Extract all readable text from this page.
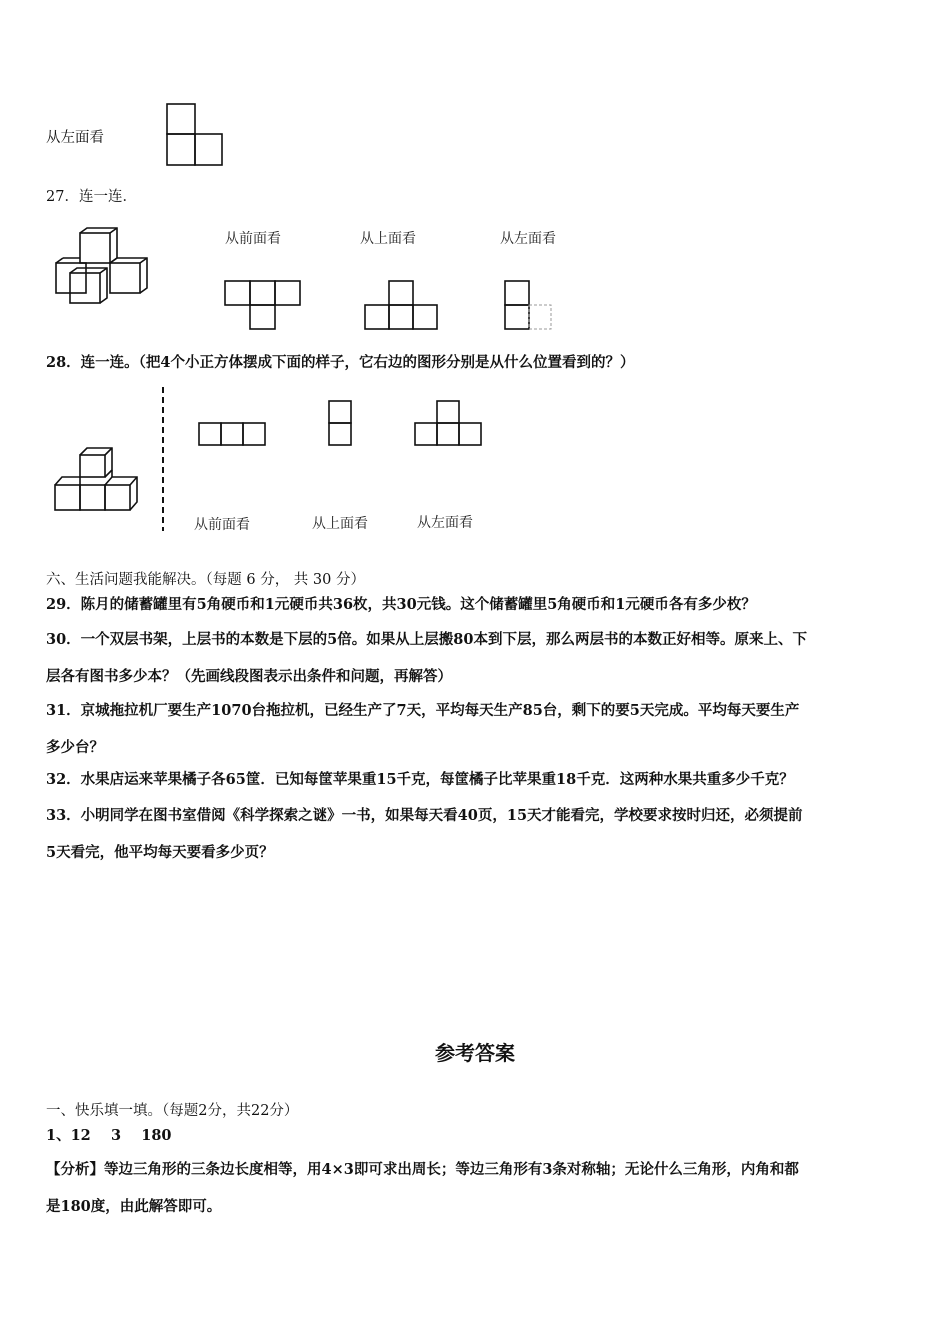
从左面看
27．连一连．
从前面看	从上面看	从左面看
28．连一连。（把4个小正方体摆成下面的样子，它右边的图形分别是从什么位置看到的？）
从前面看	从上面看	从左面看
六、生活问题我能解决。（每题 6 分， 共 30 分）
29．陈月的储蓄罐里有5角硬币和1元硬币共36枚，共30元钱。这个储蓄罐里5角硬币和1元硬币各有多少枚？
30．一个双层书架，上层书的本数是下层的5倍。如果从上层搬80本到下层，那么两层书的本数正好相等。原来上、下
层各有图书多少本？（先画线段图表示出条件和问题，再解答）
31．京城拖拉机厂要生产1070台拖拉机，已经生产了7天，平均每天生产85台，剩下的要5天完成。平均每天要生产
多少台？
32．水果店运来苹果橘子各65筐．已知每筐苹果重15千克，每筐橘子比苹果重18千克．这两种水果共重多少千克？
33．小明同学在图书室借阅《科学探索之谜》一书，如果每天看40页，15天才能看完，学校要求按时归还，必须提前
5天看完，他平均每天要看多少页？
参考答案
一、快乐填一填。（每题2分，共22分）
1、12    3    180
【分析】等边三角形的三条边长度相等，用4×3即可求出周长；等边三角形有3条对称轴；无论什么三角形，内角和都
是180度，由此解答即可。
